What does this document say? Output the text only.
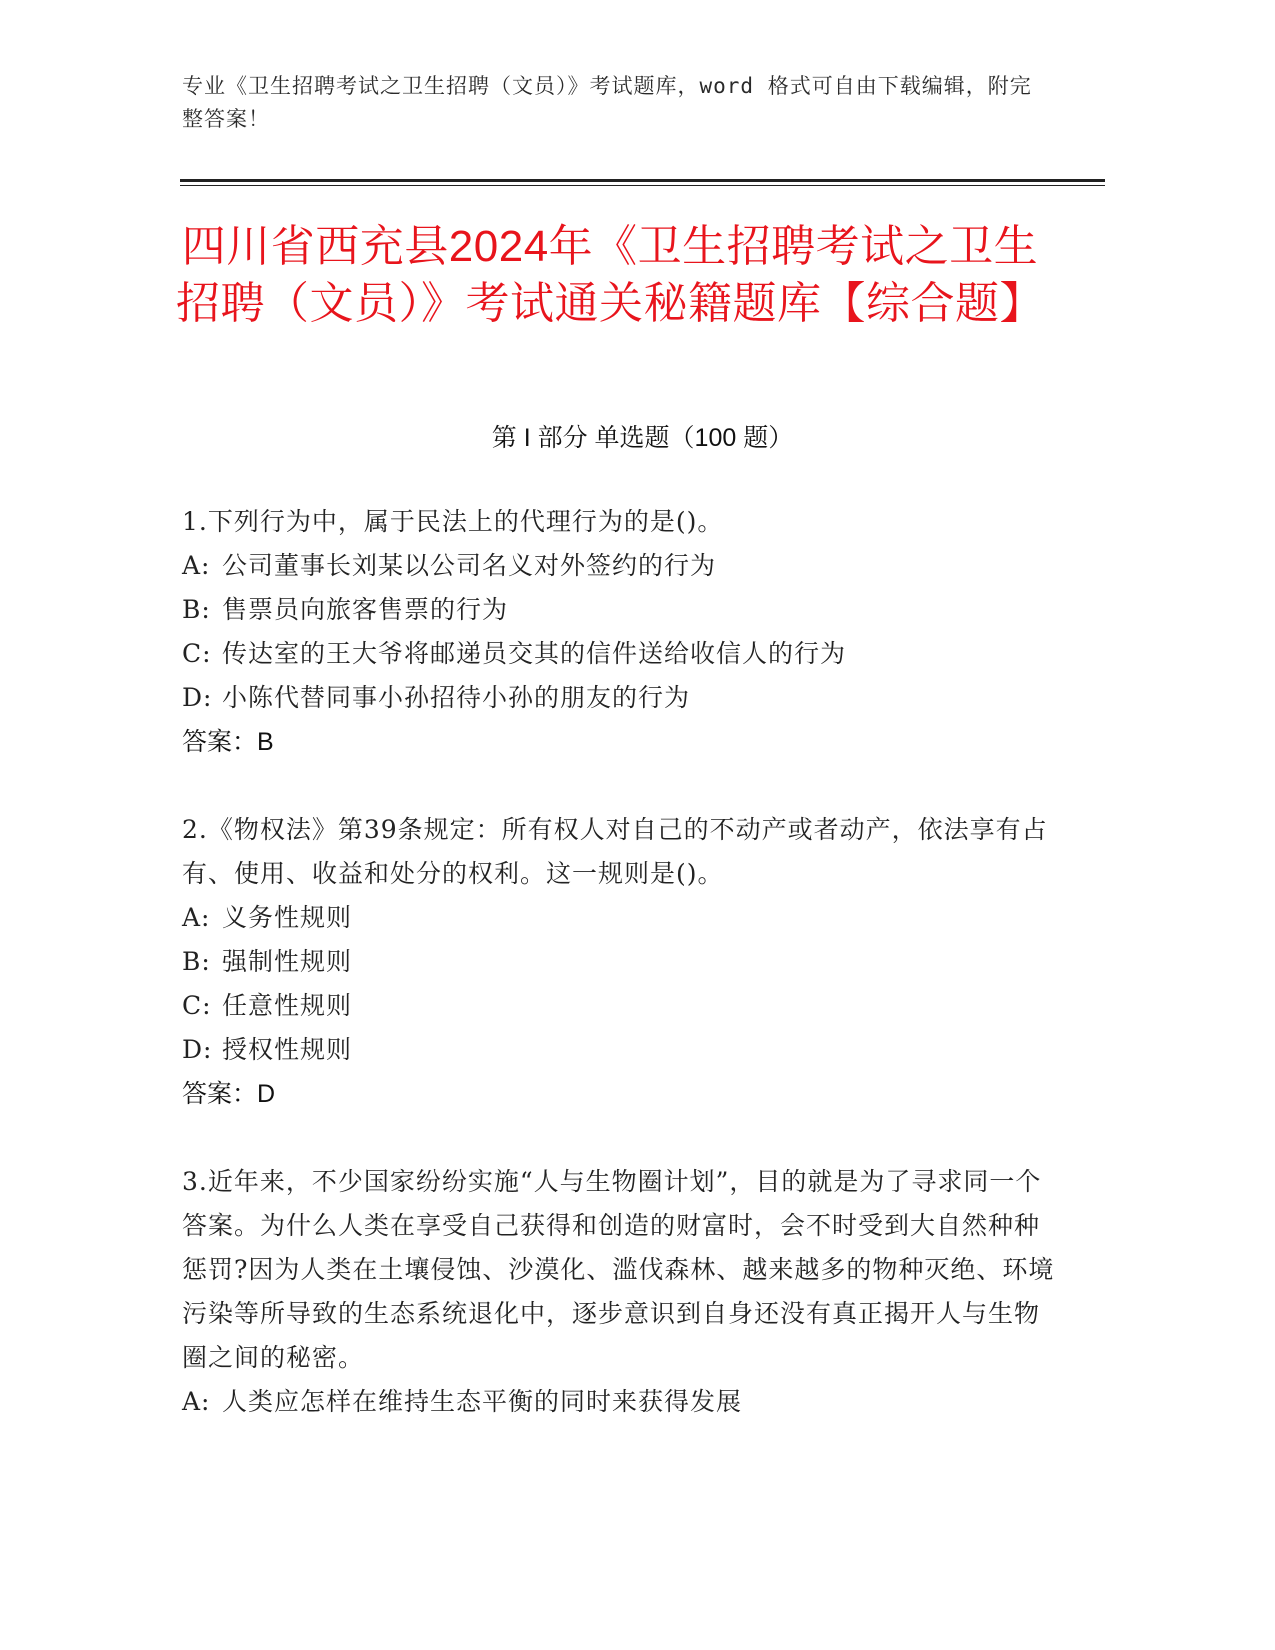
专业《卫生招聘考试之卫生招聘（文员）》考试题库，word 格式可自由下载编辑，附完整答案！
四川省西充县2024年《卫生招聘考试之卫生招聘（文员）》考试通关秘籍题库【综合题】
第 I 部分 单选题（100 题）
1.下列行为中，属于民法上的代理行为的是()。
A: 公司董事长刘某以公司名义对外签约的行为
B: 售票员向旅客售票的行为
C: 传达室的王大爷将邮递员交其的信件送给收信人的行为
D: 小陈代替同事小孙招待小孙的朋友的行为
答案：B
2.《物权法》第39条规定：所有权人对自己的不动产或者动产，依法享有占有、使用、收益和处分的权利。这一规则是()。
A: 义务性规则
B: 强制性规则
C: 任意性规则
D: 授权性规则
答案：D
3.近年来，不少国家纷纷实施“人与生物圈计划”，目的就是为了寻求同一个答案。为什么人类在享受自己获得和创造的财富时，会不时受到大自然种种惩罚?因为人类在土壤侵蚀、沙漠化、滥伐森林、越来越多的物种灭绝、环境污染等所导致的生态系统退化中，逐步意识到自身还没有真正揭开人与生物圈之间的秘密。
A: 人类应怎样在维持生态平衡的同时来获得发展
